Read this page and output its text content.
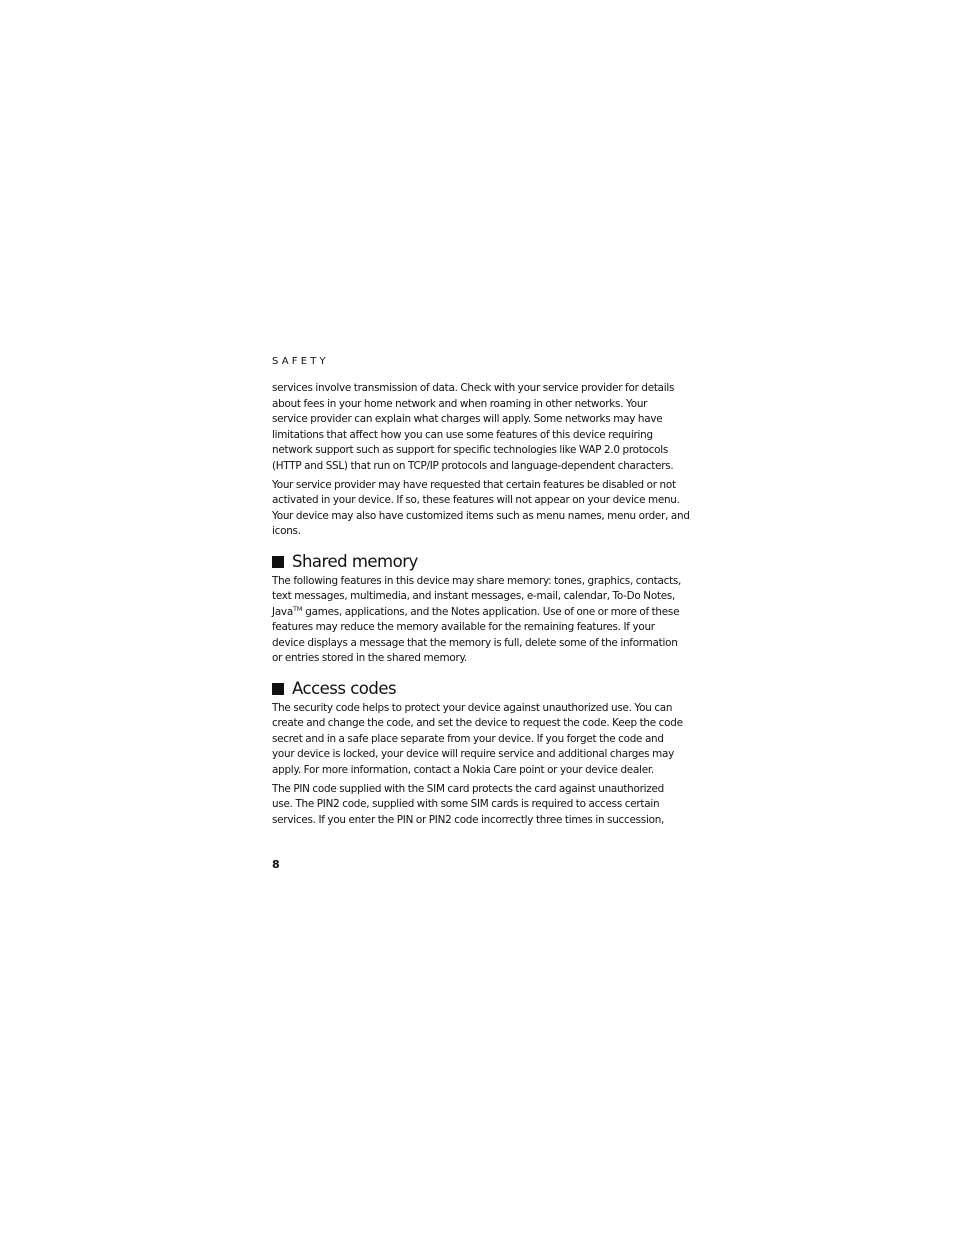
SAFETY

services involve transmission of data. Check with your service provider for details
about fees in your home network and when roaming in other networks. Your
service provider can explain what charges will apply. Some networks may have
limitations that affect how you can use some features of this device requiring
network support such as support for specific technologies like WAP 2.0 protocols
(HTTP and SSL) that run on TCP/IP protocols and language-dependent characters.

Your service provider may have requested that certain features be disabled or not
activated in your device. If so, these features will not appear on your device menu.
Your device may also have customized items such as menu names, menu order, and
icons.

Shared memory

The following features in this device may share memory: tones, graphics, contacts,
text messages, multimedia, and instant messages, e-mail, calendar, To-Do Notes,
Java™ games, applications, and the Notes application. Use of one or more of these
features may reduce the memory available for the remaining features. If your
device displays a message that the memory is full, delete some of the information
or entries stored in the shared memory.

Access codes

The security code helps to protect your device against unauthorized use. You can
create and change the code, and set the device to request the code. Keep the code
secret and in a safe place separate from your device. If you forget the code and
your device is locked, your device will require service and additional charges may
apply. For more information, contact a Nokia Care point or your device dealer.

The PIN code supplied with the SIM card protects the card against unauthorized
use. The PIN2 code, supplied with some SIM cards is required to access certain
services. If you enter the PIN or PIN2 code incorrectly three times in succession,

8
